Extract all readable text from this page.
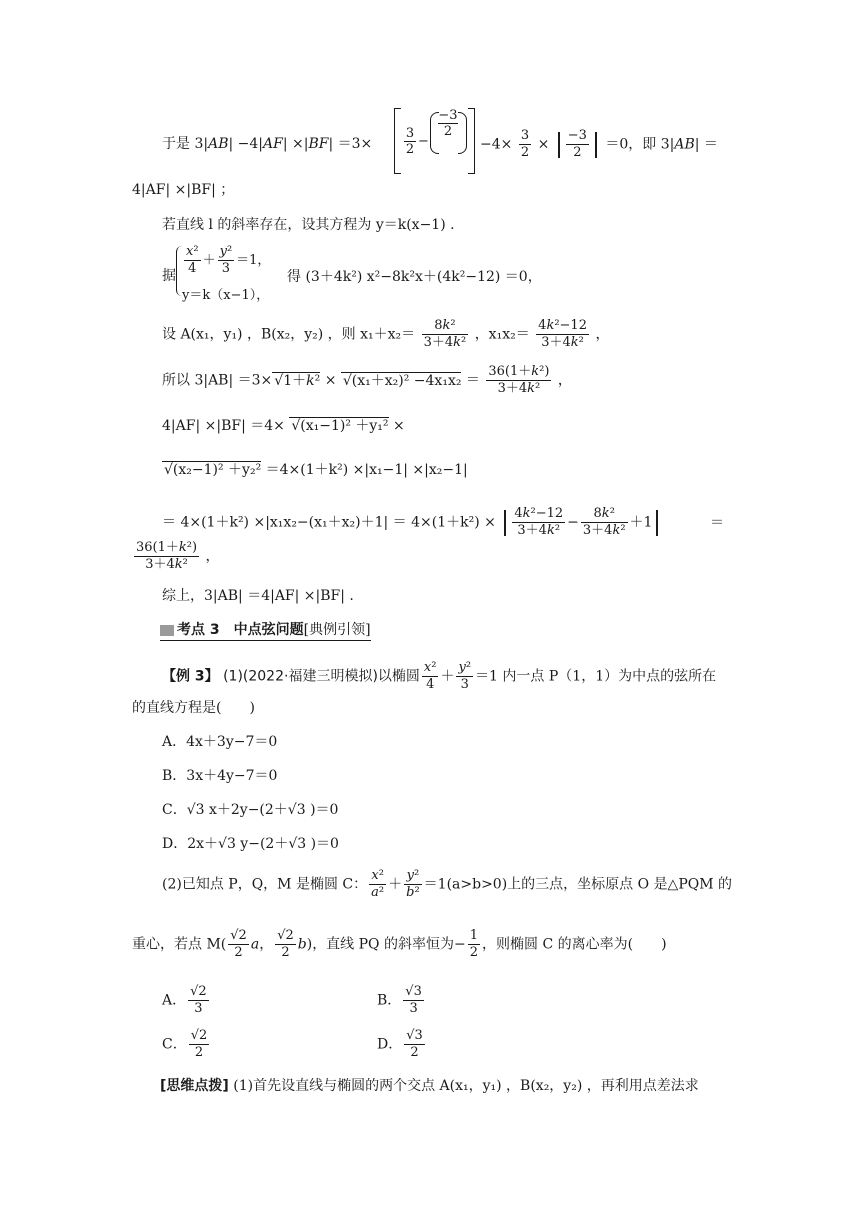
于是 3|AB| −4|AF| ×|BF| ＝3×
3
2
−
−3
2
$-4\times \frac{3}{2} \times \frac{-3}{2} =0$，即 3|AB| ＝
4|AF| ×|BF| ；
若直线 l 的斜率存在，设其方程为 y＝k(x−1) .
据 $\frac{\text{x²}}{4} + \frac{\text{y²}}{3} =1$，
y＝k（x−1），
得 (3＋4k²) x²−8k²x＋(4k²−12) ＝0，
设 A(x₁，y₁) ，B(x₂，y₂) ，则 $x_1+x_2= \frac{\text{8k²}}{\text{3＋4k²}}$ ，$x_1x_2= \frac{\text{4k²−12}}{\text{3＋4k²}}$ ，
所以 3|AB| ＝3× √ 1＋k² × √ $(x_1+x_2)^2 -4x_1x_2 = \frac{\text{36(1＋k²)}}{\text{3＋4k²}}$ ，
4|AF| ×|BF| ＝4× √ (x₁−1)² ＋y₁² ×
√ (x₂−1)² ＋y₂² ＝4×(1＋k²) ×|x₁−1| ×|x₂−1|
＝ $4\times(1+k^2) \times|x_1x_2-(x_1+x_2)+1| = 4\times(1+k^2) \times \frac{\text{4k²−12}}{\text{3＋4k²}} - \frac{\text{8k²}}{\text{3＋4k²}} +1$	＝
$\frac{\text{36(1＋k²)}}{\text{3＋4k²}}$ ，
综上，3|AB| ＝4|AF| ×|BF| .
考点 3　 中点弦问题[典例引领]
【例 3】 (1)(2022·福建三明模拟)以椭圆 $\frac{\text{x²}}{4} + \frac{\text{y²}}{3} =1$ 内一点 P（1，1）为中点的弦所在
的直线方程是(　　)
A．4x＋3y−7＝0
B．3x＋4y−7＝0
C．√3 x＋2y−(2＋√3 )＝0
D．2x＋√3 y−(2＋√3 )＝0
(2)已知点 P，Q，M 是椭圆 C： $\frac{\text{x²}}{\text{a²}} + \frac{\text{y²}}{\text{b²}} =1(a>b>0)$上的三点，坐标原点 O 是△PQM 的
重心，若点 $M( \frac{√2}{2}$ a， $\frac{√2}{2} b$)，直线 PQ 的斜率恒为− $\frac{1}{2}$ ，则椭圆 C 的离心率为(　　)
A． $\frac{√2}{3}$	B． $\frac{√3}{3}$
C． $\frac{√2}{2}$	D． $\frac{√3}{2}$
[思维点拨] (1)首先设直线与椭圆的两个交点 A(x₁，y₁) ，B(x₂，y₂) ，再利用点差法求
